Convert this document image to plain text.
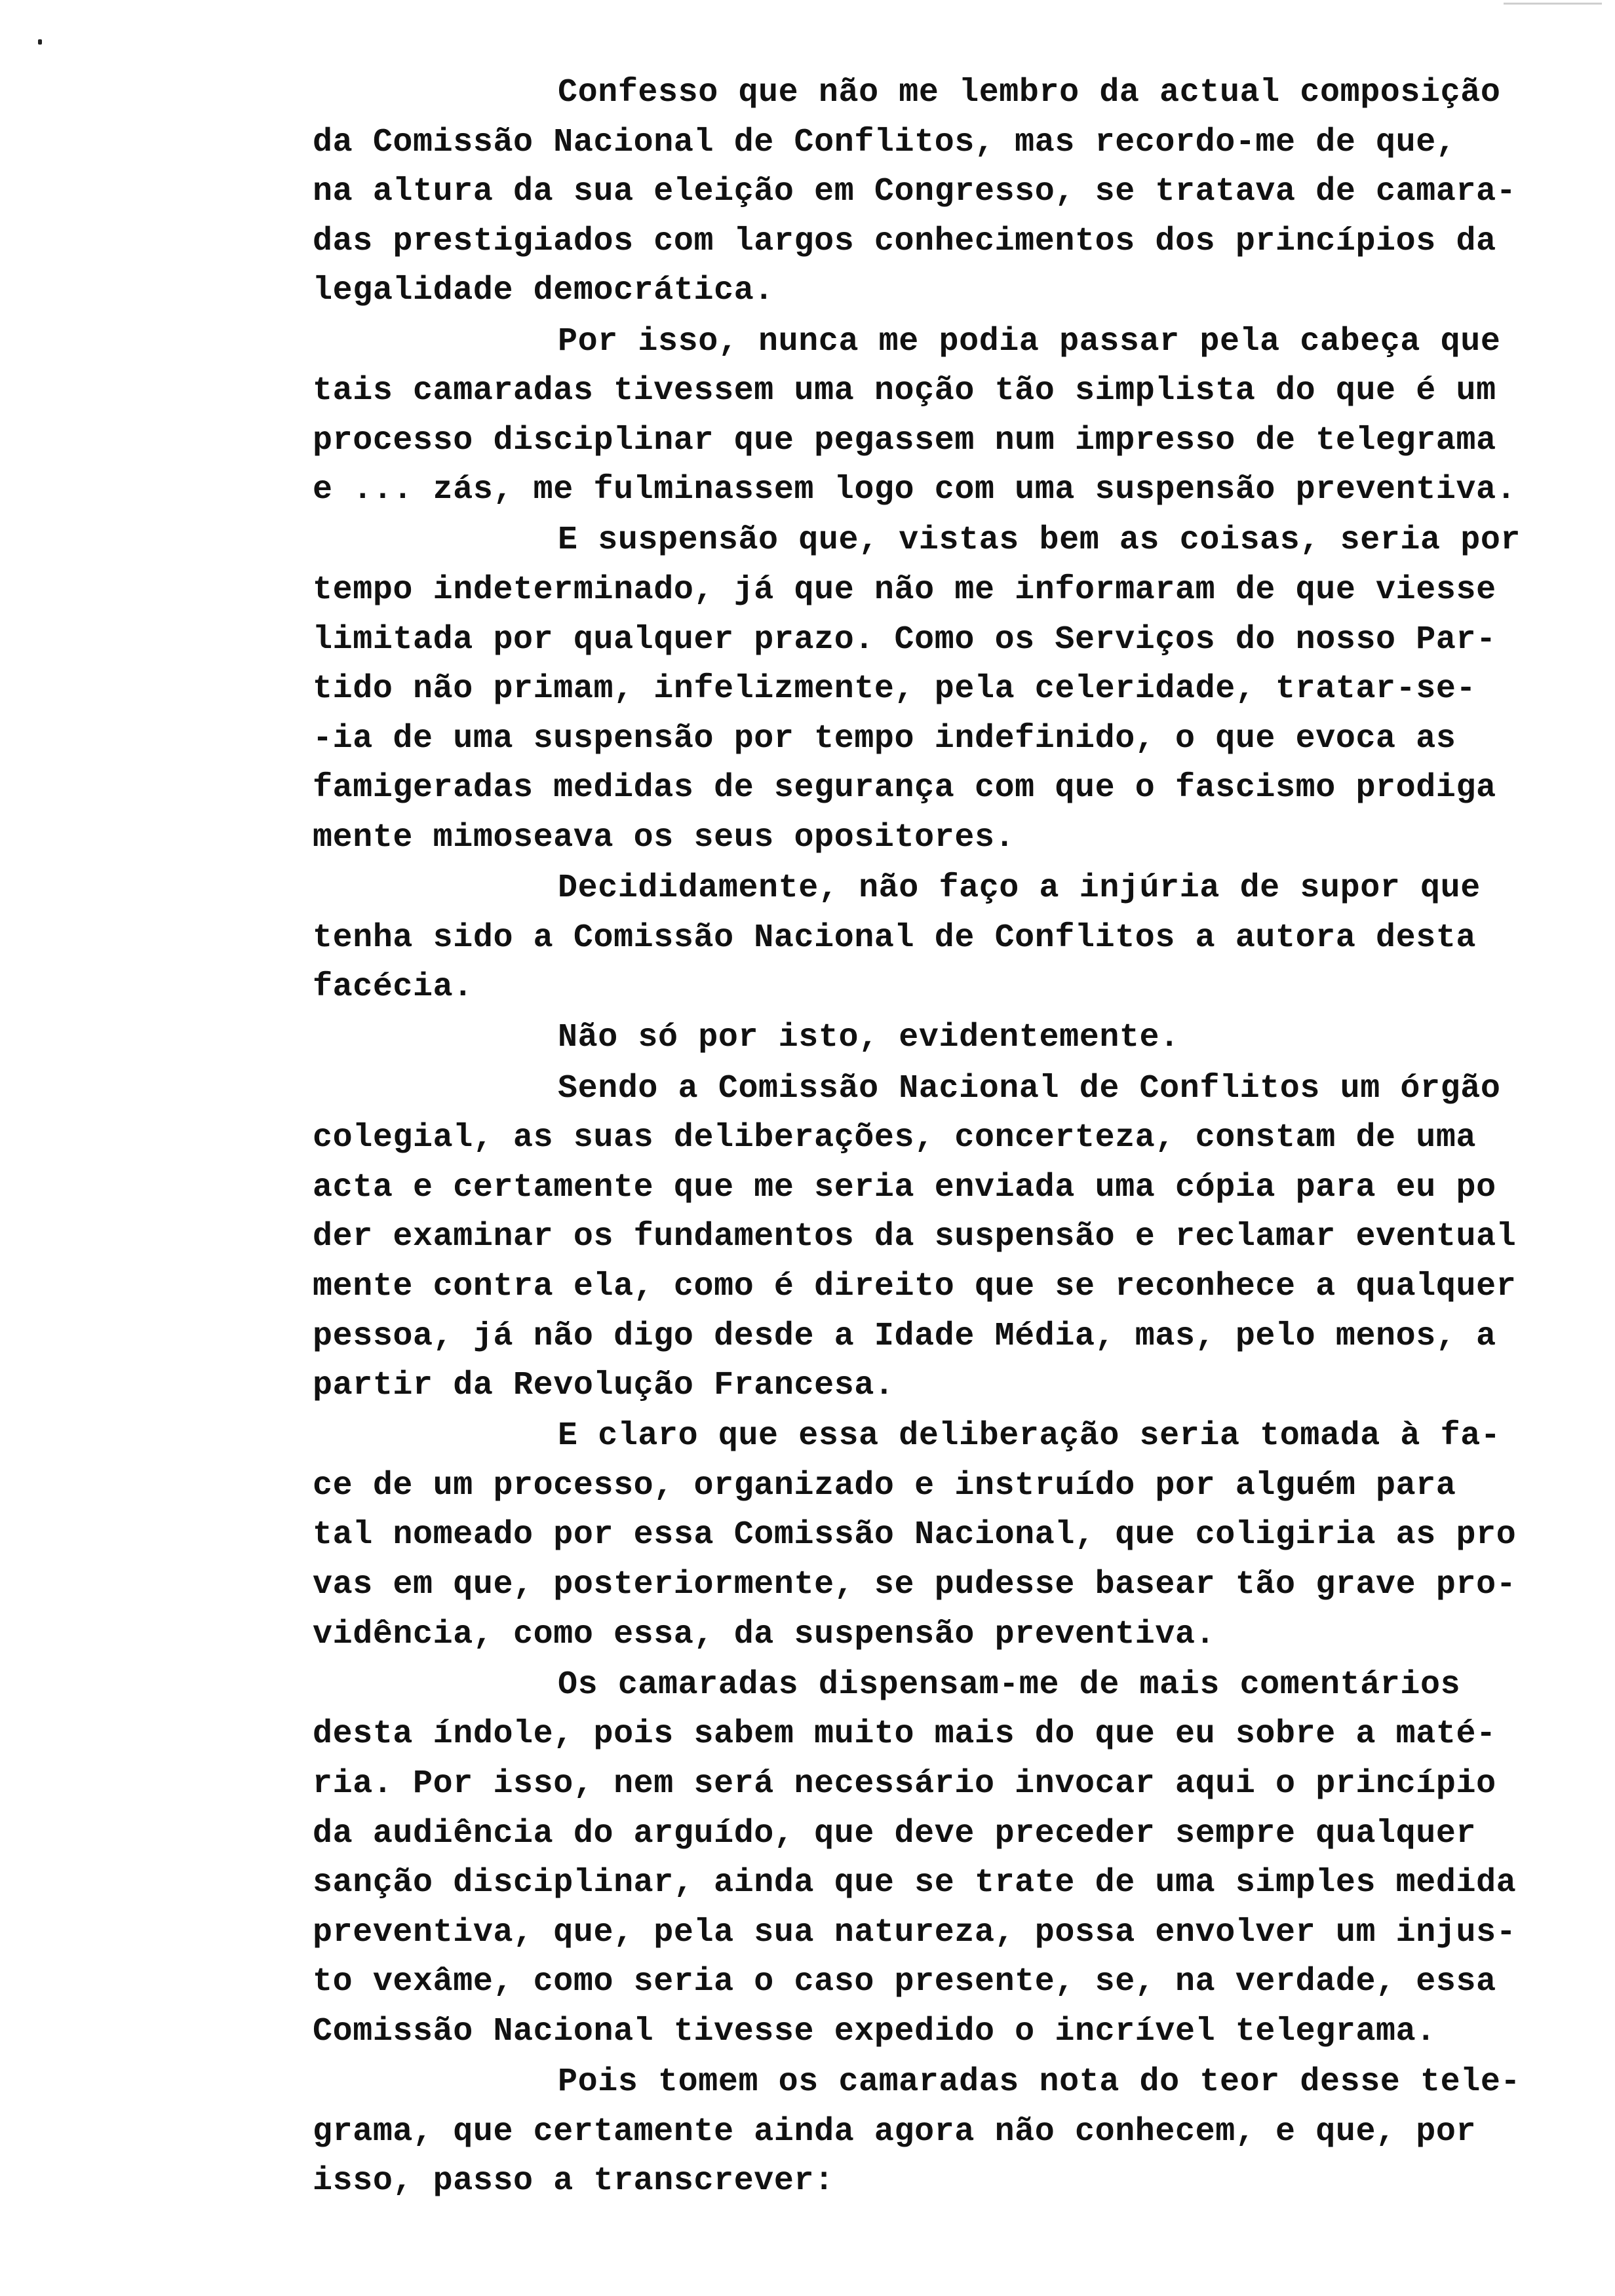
Confesso que não me lembro da actual composição
da Comissão Nacional de Conflitos, mas recordo-me de que,
na altura da sua eleição em Congresso, se tratava de camara-
das prestigiados com largos conhecimentos dos princípios da
legalidade democrática.
Por isso, nunca me podia passar pela cabeça que
tais camaradas tivessem uma noção tão simplista do que é um
processo disciplinar que pegassem num impresso de telegrama
e ... zás, me fulminassem logo com uma suspensão preventiva.
E suspensão que, vistas bem as coisas, seria por
tempo indeterminado, já que não me informaram de que viesse
limitada por qualquer prazo. Como os Serviços do nosso Par-
tido não primam, infelizmente, pela celeridade, tratar-se-
-ia de uma suspensão por tempo indefinido, o que evoca as
famigeradas medidas de segurança com que o fascismo prodiga
mente mimoseava os seus opositores.
Decididamente, não faço a injúria de supor que
tenha sido a Comissão Nacional de Conflitos a autora desta
facécia.
Não só por isto, evidentemente.
Sendo a Comissão Nacional de Conflitos um órgão
colegial, as suas deliberações, concerteza, constam de uma
acta e certamente que me seria enviada uma cópia para eu po
der examinar os fundamentos da suspensão e reclamar eventual
mente contra ela, como é direito que se reconhece a qualquer
pessoa, já não digo desde a Idade Média, mas, pelo menos, a
partir da Revolução Francesa.
E claro que essa deliberação seria tomada à fa-
ce de um processo, organizado e instruído por alguém para
tal nomeado por essa Comissão Nacional, que coligiria as pro
vas em que, posteriormente, se pudesse basear tão grave pro-
vidência, como essa, da suspensão preventiva.
Os camaradas dispensam-me de mais comentários
desta índole, pois sabem muito mais do que eu sobre a maté-
ria. Por isso, nem será necessário invocar aqui o princípio
da audiência do arguído, que deve preceder sempre qualquer
sanção disciplinar, ainda que se trate de uma simples medida
preventiva, que, pela sua natureza, possa envolver um injus-
to vexâme, como seria o caso presente, se, na verdade, essa
Comissão Nacional tivesse expedido o incrível telegrama.
Pois tomem os camaradas nota do teor desse tele-
grama, que certamente ainda agora não conhecem, e que, por
isso, passo a transcrever:
